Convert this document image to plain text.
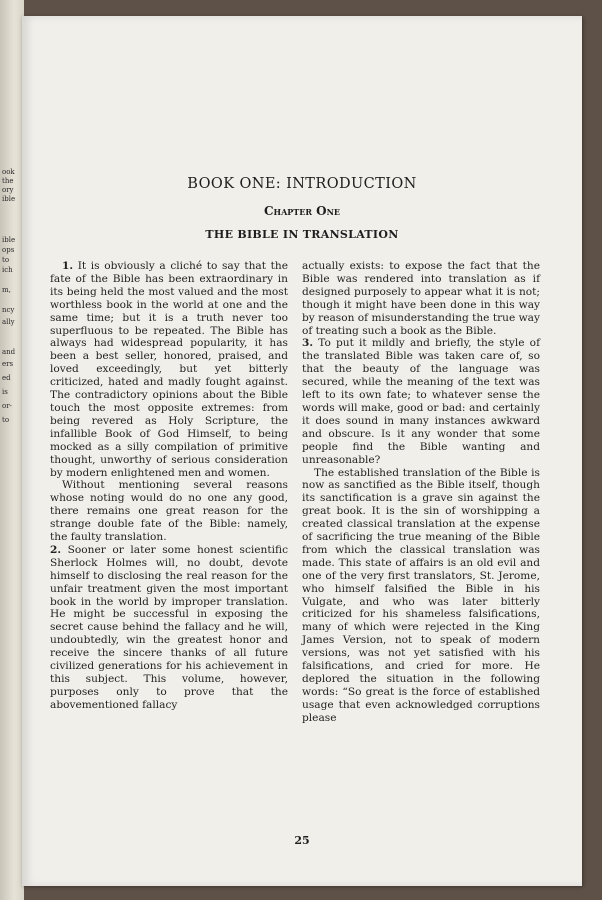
ook
the
ory
ible
ible
ops
to
ich
m,
ncy
ally
and
ers
ed
is
or-
to
BOOK ONE: INTRODUCTION
Chapter One
THE BIBLE IN TRANSLATION

1. It is obviously a cliché to say that the fate of the Bible has been extraordinary in its being held the most valued and the most worthless book in the world at one and the same time; but it is a truth never too superfluous to be repeated. The Bible has always had widespread popularity, it has been a best seller, honored, praised, and loved exceedingly, but yet bitterly criticized, hated and madly fought against. The contradictory opinions about the Bible touch the most opposite extremes: from being revered as Holy Scripture, the infallible Book of God Himself, to being mocked as a silly compilation of primitive thought, unworthy of serious consideration by modern enlightened men and women.

Without mentioning several reasons whose noting would do no one any good, there remains one great reason for the strange double fate of the Bible: namely, the faulty translation.

2. Sooner or later some honest scientific Sherlock Holmes will, no doubt, devote himself to disclosing the real reason for the unfair treatment given the most important book in the world by improper translation. He might be successful in exposing the secret cause behind the fallacy and he will, undoubtedly, win the greatest honor and receive the sincere thanks of all future civilized generations for his achievement in this subject. This volume, however, purposes only to prove that the abovementioned fallacy

actually exists: to expose the fact that the Bible was rendered into translation as if designed purposely to appear what it is not; though it might have been done in this way by reason of misunderstanding the true way of treating such a book as the Bible.

3. To put it mildly and briefly, the style of the translated Bible was taken care of, so that the beauty of the language was secured, while the meaning of the text was left to its own fate; to whatever sense the words will make, good or bad: and certainly it does sound in many instances awkward and obscure. Is it any wonder that some people find the Bible wanting and unreasonable?

The established translation of the Bible is now as sanctified as the Bible itself, though its sanctification is a grave sin against the great book. It is the sin of worshipping a created classical translation at the expense of sacrificing the true meaning of the Bible from which the classical translation was made. This state of affairs is an old evil and one of the very first translators, St. Jerome, who himself falsified the Bible in his Vulgate, and who was later bitterly criticized for his shameless falsifications, many of which were rejected in the King James Version, not to speak of modern versions, was not yet satisfied with his falsifications, and cried for more. He deplored the situation in the following words: “So great is the force of established usage that even acknowledged corruptions please

25
